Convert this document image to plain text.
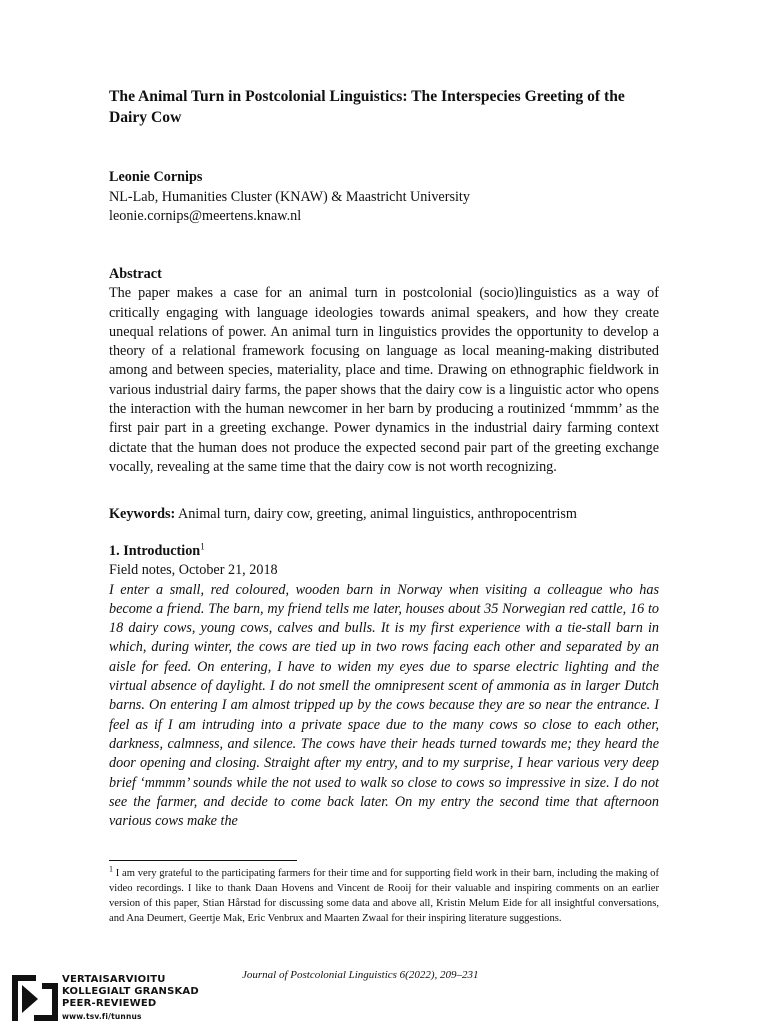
The Animal Turn in Postcolonial Linguistics: The Interspecies Greeting of the Dairy Cow
Leonie Cornips
NL-Lab, Humanities Cluster (KNAW) & Maastricht University
leonie.cornips@meertens.knaw.nl
Abstract

The paper makes a case for an animal turn in postcolonial (socio)linguistics as a way of critically engaging with language ideologies towards animal speakers, and how they create unequal relations of power. An animal turn in linguistics provides the opportunity to develop a theory of a relational framework focusing on language as local meaning-making distributed among and between species, materiality, place and time. Drawing on ethnographic fieldwork in various industrial dairy farms, the paper shows that the dairy cow is a linguistic actor who opens the interaction with the human newcomer in her barn by producing a routinized ‘mmmm’ as the first pair part in a greeting exchange. Power dynamics in the industrial dairy farming context dictate that the human does not produce the expected second pair part of the greeting exchange vocally, revealing at the same time that the dairy cow is not worth recognizing.

Keywords: Animal turn, dairy cow, greeting, animal linguistics, anthropocentrism
1. Introduction$^1$

Field notes, October 21, 2018

I enter a small, red coloured, wooden barn in Norway when visiting a colleague who has become a friend. The barn, my friend tells me later, houses about 35 Norwegian red cattle, 16 to 18 dairy cows, young cows, calves and bulls. It is my first experience with a tie-stall barn in which, during winter, the cows are tied up in two rows facing each other and separated by an aisle for feed. On entering, I have to widen my eyes due to sparse electric lighting and the virtual absence of daylight. I do not smell the omnipresent scent of ammonia as in larger Dutch barns. On entering I am almost tripped up by the cows because they are so near the entrance. I feel as if I am intruding into a private space due to the many cows so close to each other, darkness, calmness, and silence. The cows have their heads turned towards me; they heard the door opening and closing. Straight after my entry, and to my surprise, I hear various very deep brief ‘mmmm’ sounds while the not used to walk so close to cows so impressive in size. I do not see the farmer, and decide to come back later. On my entry the second time that afternoon various cows make the

$^1$ I am very grateful to the participating farmers for their time and for supporting field work in their barn, including the making of video recordings. I like to thank Daan Hovens and Vincent de Rooij for their valuable and inspiring comments on an earlier version of this paper, Stian Hårstad for discussing some data and above all, Kristin Melum Eide for all insightful conversations, and Ana Deumert, Geertje Mak, Eric Venbrux and Maarten Zwaal for their inspiring literature suggestions.
Journal of Postcolonial Linguistics 6(2022), 209–231
VERTAISARVIOITU
KOLLEGIALT GRANSKAD
PEER-REVIEWED
www.tsv.fi/tunnus
